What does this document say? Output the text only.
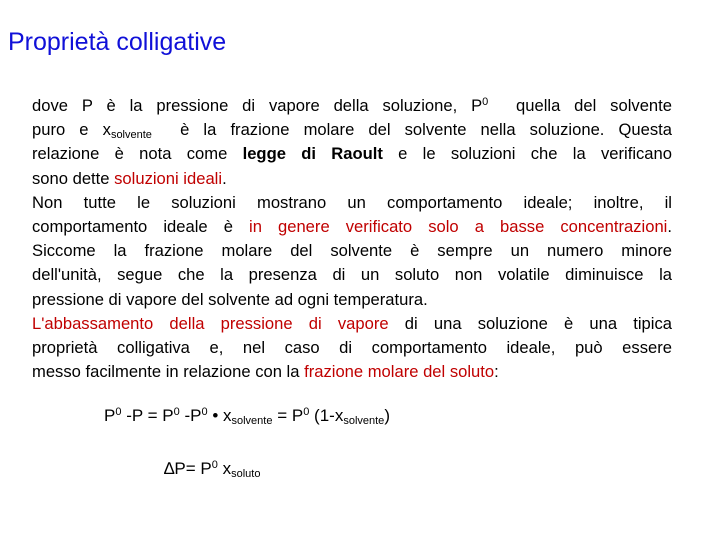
Proprietà colligative
dove P è la pressione di vapore della soluzione, $P^0$  quella del solvente
puro e $x_{solvente}$  è la frazione molare del solvente nella soluzione. Questa
relazione è nota come legge di Raoult e le soluzioni che la verificano
sono dette soluzioni ideali.
Non tutte le soluzioni mostrano un comportamento ideale; inoltre, il
comportamento ideale è in genere verificato solo a basse concentrazioni.
Siccome la frazione molare del solvente è sempre un numero minore
dell'unità, segue che la presenza di un soluto non volatile diminuisce la
pressione di vapore del solvente ad ogni temperatura.
L'abbassamento della pressione di vapore di una soluzione è una tipica
proprietà colligativa e, nel caso di comportamento ideale, può essere
messo facilmente in relazione con la frazione molare del soluto:
$P^0$ $-P = P^0$ $-P^0$ • $x_{solvente} = P^0$ $(1-x_{solvente})$
$\Delta P= P^0$ $x_{soluto}$
